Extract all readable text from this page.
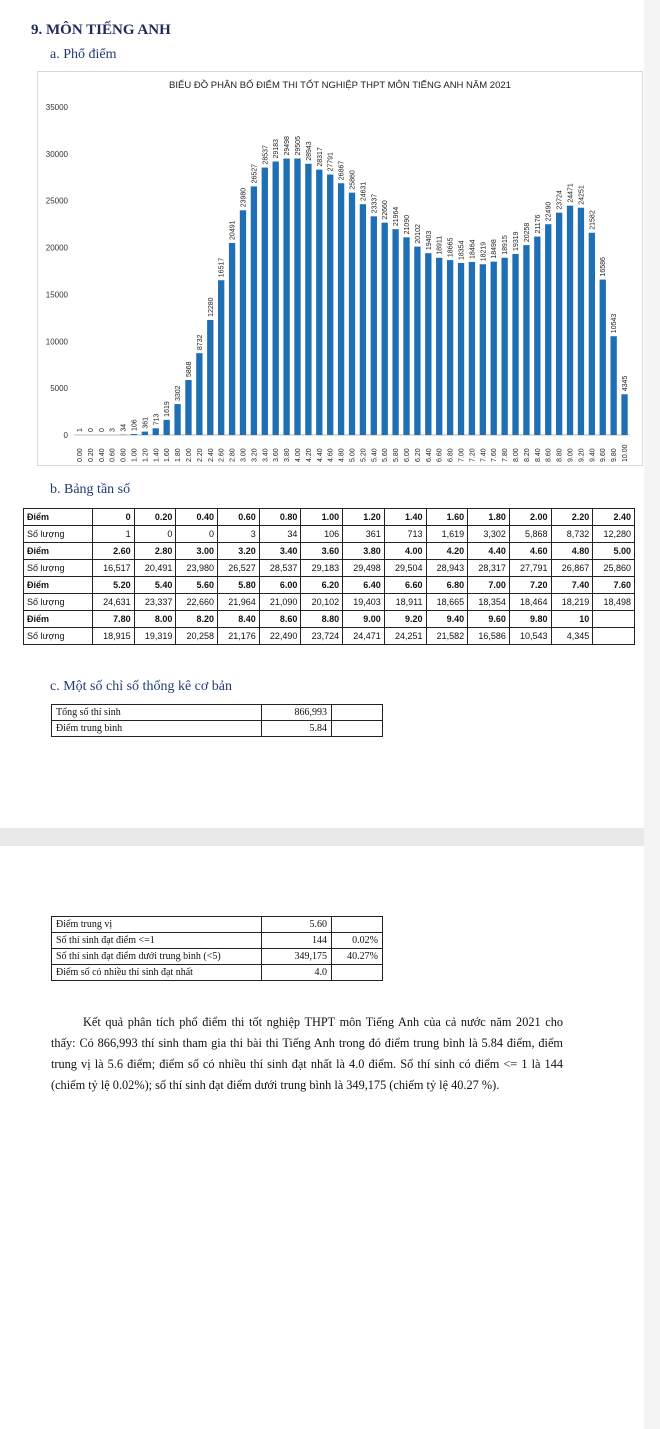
9. MÔN TIẾNG ANH
a. Phổ điểm
BIỂU ĐỒ PHÂN BỐ ĐIỂM THI TỐT NGHIỆP THPT MÔN TIẾNG ANH NĂM 2021
0
5000
10000
15000
20000
25000
30000
35000
1
0.00
0
0.20
0
0.40
3
0.60
34
0.80
106
1.00
361
1.20
713
1.40
1619
1.60
3302
1.80
5868
2.00
8732
2.20
12280
2.40
16517
2.60
20491
2.80
23980
3.00
26527
3.20
28537
3.40
29183
3.60
29498
3.80
29505
4.00
28943
4.20
28317
4.40
27791
4.60
26867
4.80
25860
5.00
24631
5.20
23337
5.40
22660
5.60
21964
5.80
21090
6.00
20102
6.20
19403
6.40
18911
6.60
18665
6.80
18354
7.00
18464
7.20
18219
7.40
18498
7.60
18915
7.80
19319
8.00
20258
8.20
21176
8.40
22490
8.60
23724
8.80
24471
9.00
24251
9.20
21582
9.40
16586
9.60
10543
9.80
4345
10.00
b. Bảng tần số
Điểm	0	0.20	0.40	0.60	0.80	1.00	1.20	1.40	1.60	1.80	2.00	2.20	2.40
Số lượng	1	0	0	3	34	106	361	713	1,619	3,302	5,868	8,732	12,280
Điểm	2.60	2.80	3.00	3.20	3.40	3.60	3.80	4.00	4.20	4.40	4.60	4.80	5.00
Số lượng	16,517	20,491	23,980	26,527	28,537	29,183	29,498	29,504	28,943	28,317	27,791	26,867	25,860
Điểm	5.20	5.40	5.60	5.80	6.00	6.20	6.40	6.60	6.80	7.00	7.20	7.40	7.60
Số lượng	24,631	23,337	22,660	21,964	21,090	20,102	19,403	18,911	18,665	18,354	18,464	18,219	18,498
Điểm	7.80	8.00	8.20	8.40	8.60	8.80	9.00	9.20	9.40	9.60	9.80	10	
Số lượng	18,915	19,319	20,258	21,176	22,490	23,724	24,471	24,251	21,582	16,586	10,543	4,345	
c. Một số chỉ số thống kê cơ bản
Tổng số thí sinh	866,993	
Điểm trung bình	5.84	
Điểm trung vị	5.60	
Số thí sinh đạt điểm <=1	144	0.02%
Số thí sinh đạt điểm dưới trung bình (<5)	349,175	40.27%
Điểm số có nhiều thí sinh đạt nhất	4.0	
Kết quả phân tích phổ điểm thi tốt nghiệp THPT môn Tiếng Anh của cả nước năm 2021 cho thấy: Có 866,993 thí sinh tham gia thi bài thi Tiếng Anh trong đó điểm trung bình là 5.84 điểm, điểm trung vị là 5.6 điểm; điểm số có nhiều thí sinh đạt nhất là 4.0 điểm. Số thí sinh có điểm <= 1 là 144 (chiếm tỷ lệ 0.02%); số thí sinh đạt điểm dưới trung bình là 349,175 (chiếm tỷ lệ 40.27 %).
